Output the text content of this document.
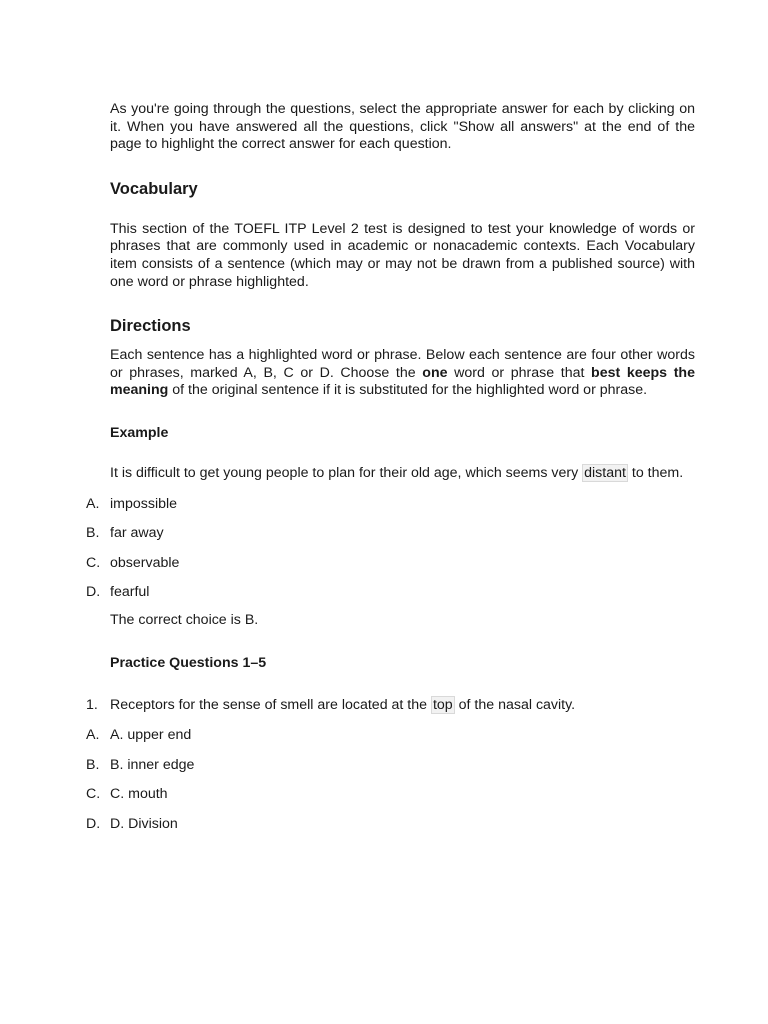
As you're going through the questions, select the appropriate answer for each by clicking on it. When you have answered all the questions, click "Show all answers" at the end of the page to highlight the correct answer for each question.

Vocabulary

This section of the TOEFL ITP Level 2 test is designed to test your knowledge of words or phrases that are commonly used in academic or nonacademic contexts. Each Vocabulary item consists of a sentence (which may or may not be drawn from a published source) with one word or phrase highlighted.

Directions

Each sentence has a highlighted word or phrase. Below each sentence are four other words or phrases, marked A, B, C or D. Choose the one word or phrase that best keeps the meaning of the original sentence if it is substituted for the highlighted word or phrase.

Example

It is difficult to get young people to plan for their old age, which seems very distant to them.

A. impossible
B. far away
C. observable
D. fearful

The correct choice is B.

Practice Questions 1–5

1. Receptors for the sense of smell are located at the top of the nasal cavity.

A. A. upper end
B. B. inner edge
C. C. mouth
D. D. Division
